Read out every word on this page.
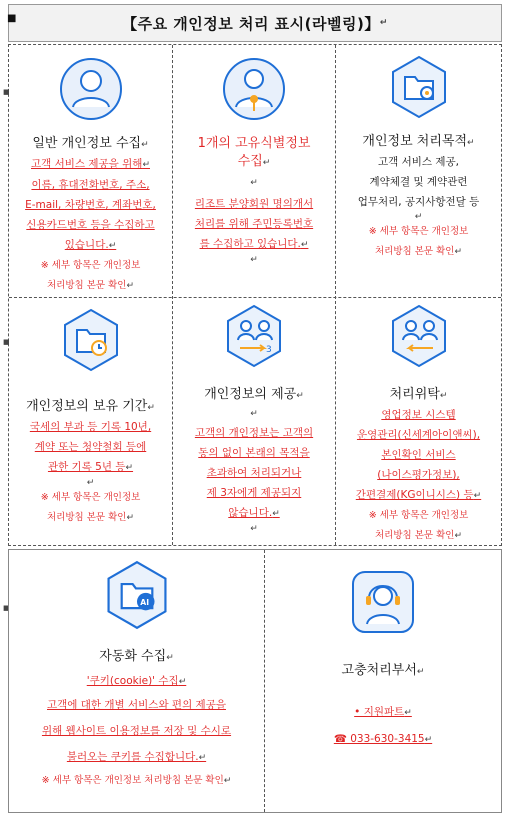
■	【주요 개인정보 처리 표시(라벨링)】 ↵
일반 개인정보 수집↵
고객 서비스 제공을 위해↵
이름, 휴대전화번호, 주소,
E-mail, 차량번호, 계좌번호,
신용카드번호 등을 수집하고
있습니다.↵
※ 세부 항목은 개인정보
처리방침 본문 확인↵
1개의 고유식별정보
수집↵
↵
리조트 분양회원 명의개서
처리를 위해 주민등록번호
를 수집하고 있습니다.↵
↵
개인정보 처리목적↵
고객 서비스 제공,
계약체결 및 계약관련
업무처리, 공지사항전달 등
↵
※ 세부 항목은 개인정보
처리방침 본문 확인↵
개인정보의 보유 기간↵
국세의 부과 등 기록 10년,
계약 또는 청약철회 등에
관한 기록 5년 등↵
↵
※ 세부 항목은 개인정보
처리방침 본문 확인↵
3
개인정보의 제공↵
↵
고객의 개인정보는 고객의
동의 없이 본래의 목적을
초과하여 처리되거나
제 3자에게 제공되지
않습니다.↵
↵
처리위탁↵
영업정보 시스템
운영관리(신세계아이앤씨),
본인확인 서비스
(나이스평가정보),
간편결제(KG이니시스) 등↵
※ 세부 항목은 개인정보
처리방침 본문 확인↵
■
■
■
AI
자동화 수집↵
'쿠키(cookie)' 수집↵
고객에 대한 개별 서비스와 편의 제공을
위해 웹사이트 이용정보를 저장 및 수시로
불러오는 쿠키를 수집합니다.↵
※ 세부 항목은 개인정보 처리방침 본문 확인↵
고충처리부서↵
• 지원파트↵
☎ 033-630-3415↵
